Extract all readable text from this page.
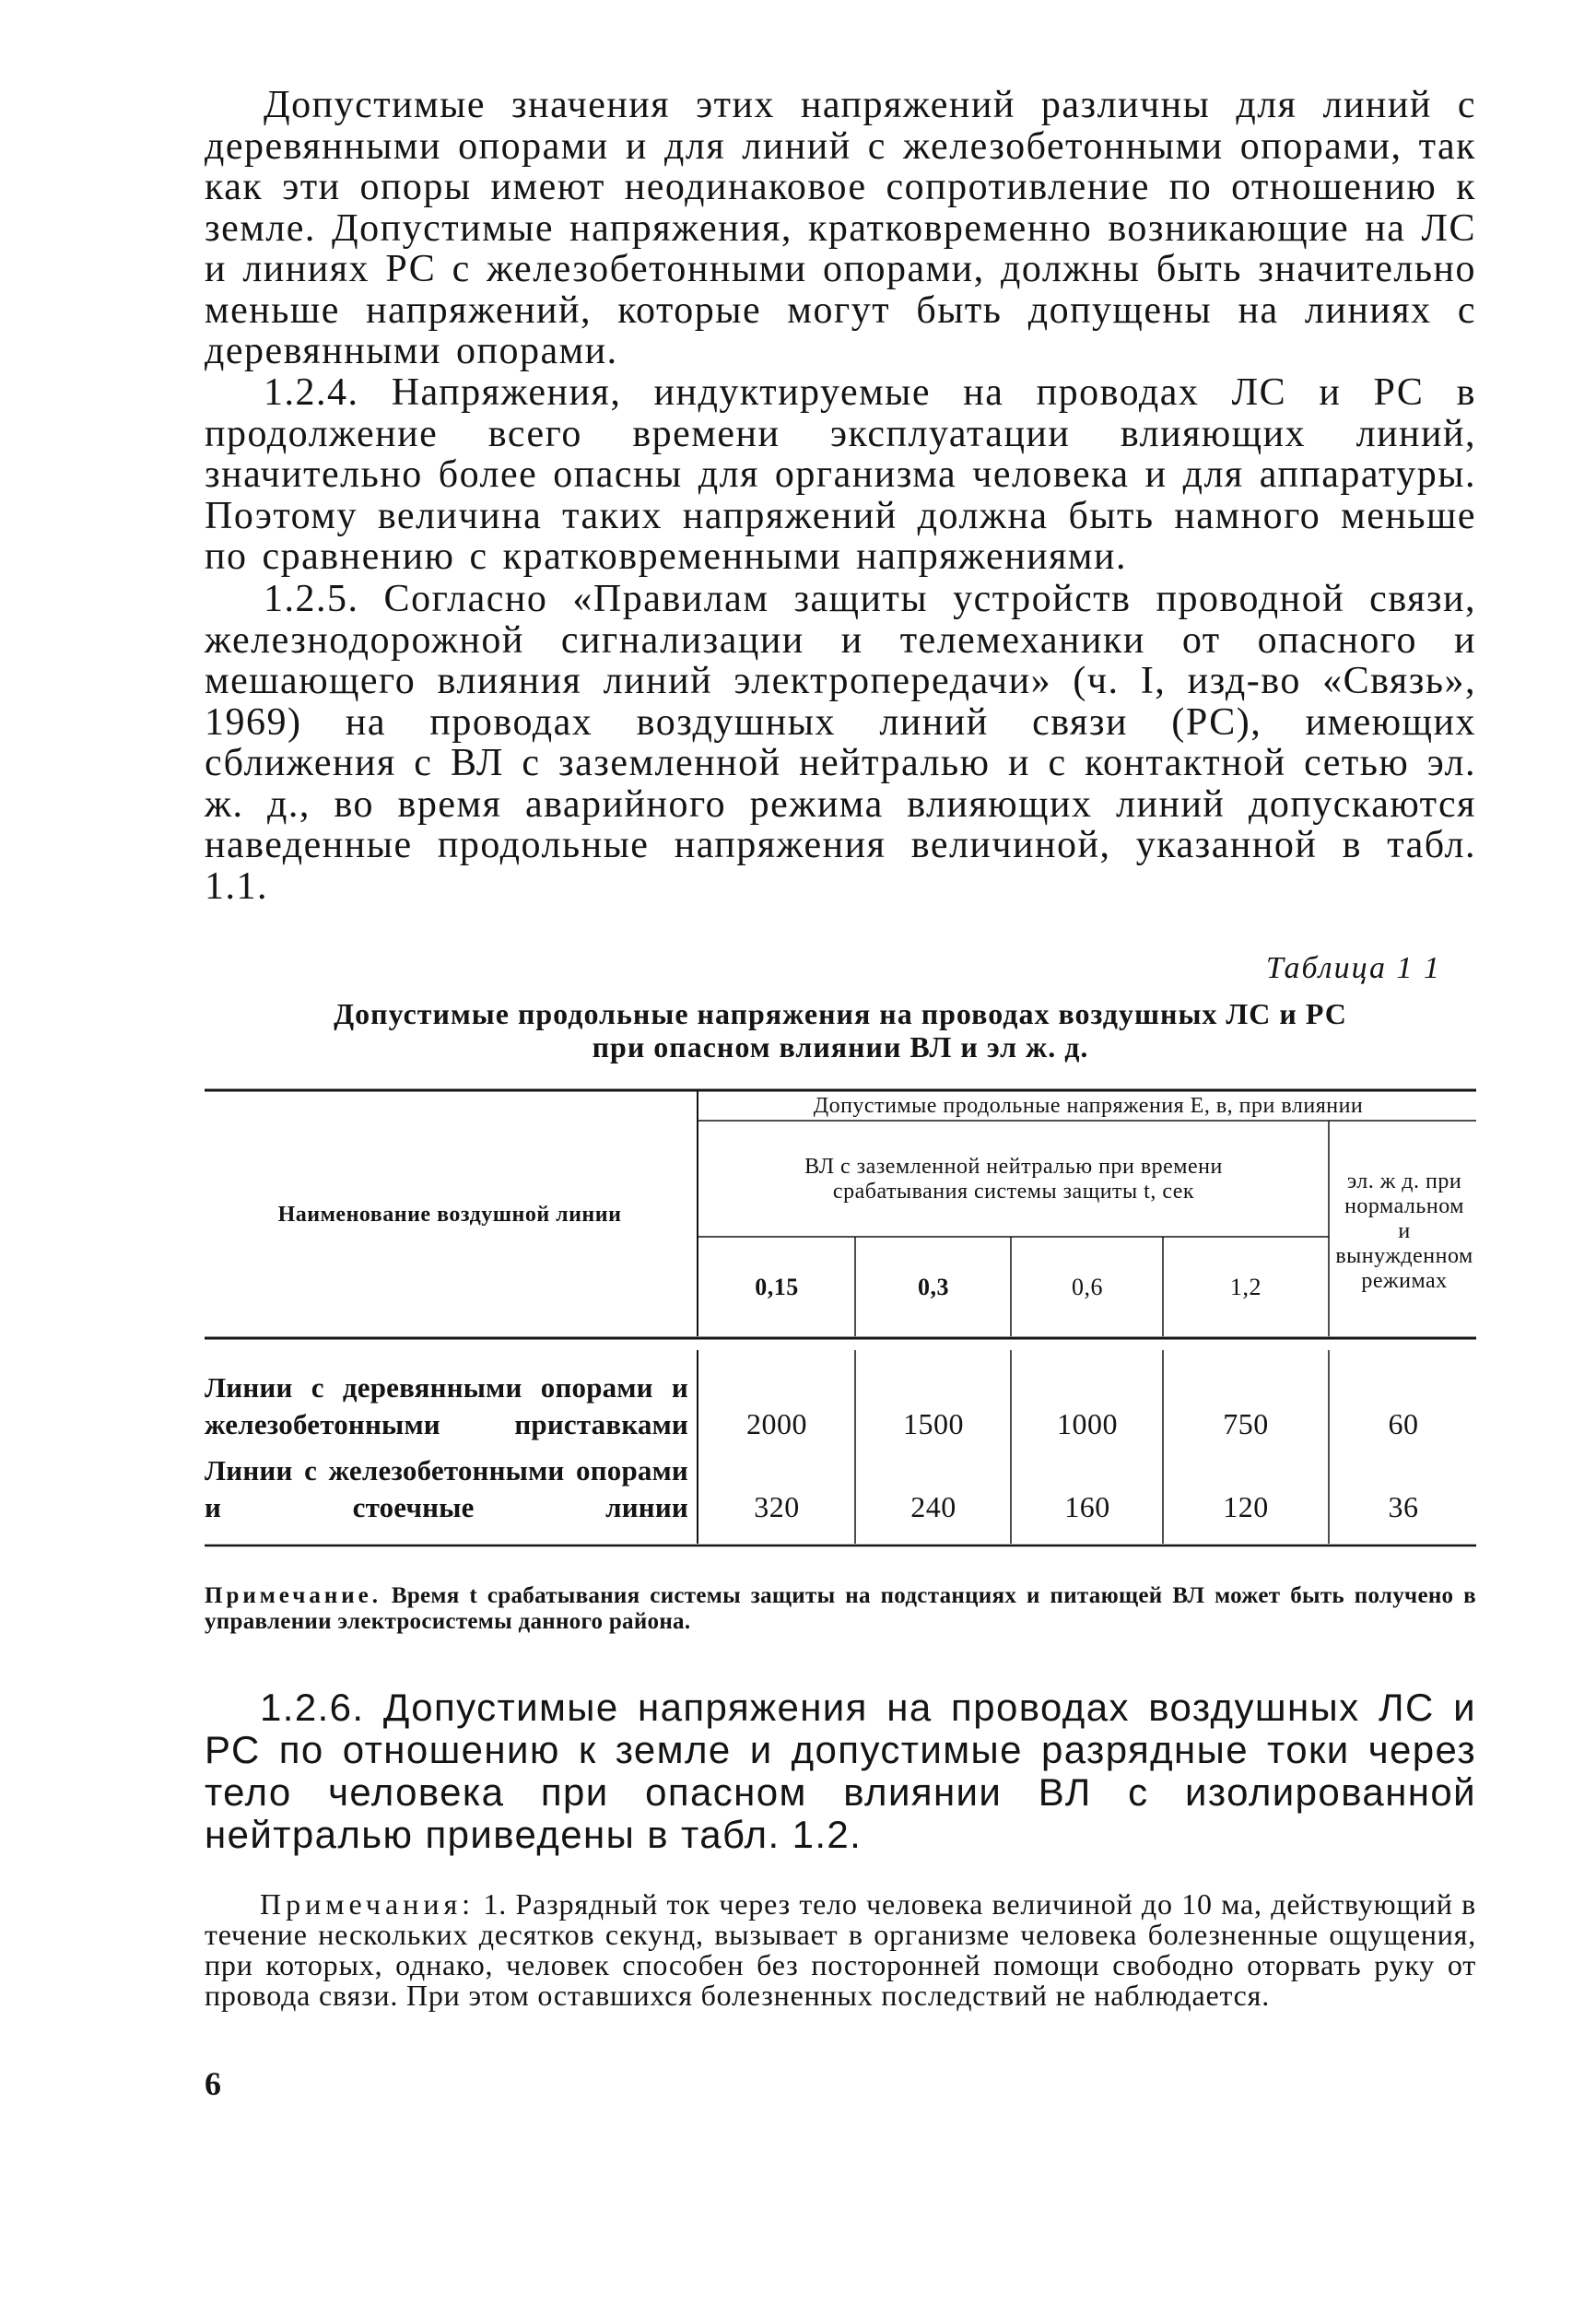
Допустимые значения этих напряжений различны для линий с деревянными опорами и для линий с железобетонными опорами, так как эти опоры имеют неодинаковое сопротивление по отношению к земле. Допустимые напряжения, кратковременно возникающие на ЛС и линиях РС с железобетонными опорами, должны быть значительно меньше напряжений, которые могут быть допущены на линиях с деревянными опорами.

1.2.4. Напряжения, индуктируемые на проводах ЛС и РС в продолжение всего времени эксплуатации влияющих линий, значительно более опасны для организма человека и для аппаратуры. Поэтому величина таких напряжений должна быть намного меньше по сравнению с кратковременными напряжениями.

1.2.5. Согласно «Правилам защиты устройств проводной связи, железнодорожной сигнализации и телемеханики от опасного и мешающего влияния линий электропередачи» (ч. I, изд-во «Связь», 1969) на проводах воздушных линий связи (РС), имеющих сближения с ВЛ с заземленной нейтралью и с контактной сетью эл. ж. д., во время аварийного режима влияющих линий допускаются наведенные продольные напряжения величиной, указанной в табл. 1.1.

Таблица 1 1

Допустимые продольные напряжения на проводах воздушных ЛС и РС
при опасном влиянии ВЛ и эл ж. д.
Наименование воздушной линии
Допустимые продольные напряжения E, в, при влиянии
ВЛ с заземленной нейтралью при времени
срабатывания системы защиты t, сек	эл. ж д. при нормальном и вынужденном режимах
0,15	0,3	0,6	1,2
Линии с деревянными опорами и железобетонными приставками	2000	1500	1000	750	60
Линии с железобетонными опорами и стоечные линии	320	240	160	120	36

Примечание. Время t срабатывания системы защиты на подстанциях и питающей ВЛ может быть получено в управлении электросистемы данного района.

1.2.6. Допустимые напряжения на проводах воздушных ЛС и РС по отношению к земле и допустимые разрядные токи через тело человека при опасном влиянии ВЛ с изолированной нейтралью приведены в табл. 1.2.

Примечания: 1. Разрядный ток через тело человека величиной до 10 ма, действующий в течение нескольких десятков секунд, вызывает в организме человека болезненные ощущения, при которых, однако, человек способен без посторонней помощи свободно оторвать руку от провода связи. При этом оставшихся болезненных последствий не наблюдается.

6
